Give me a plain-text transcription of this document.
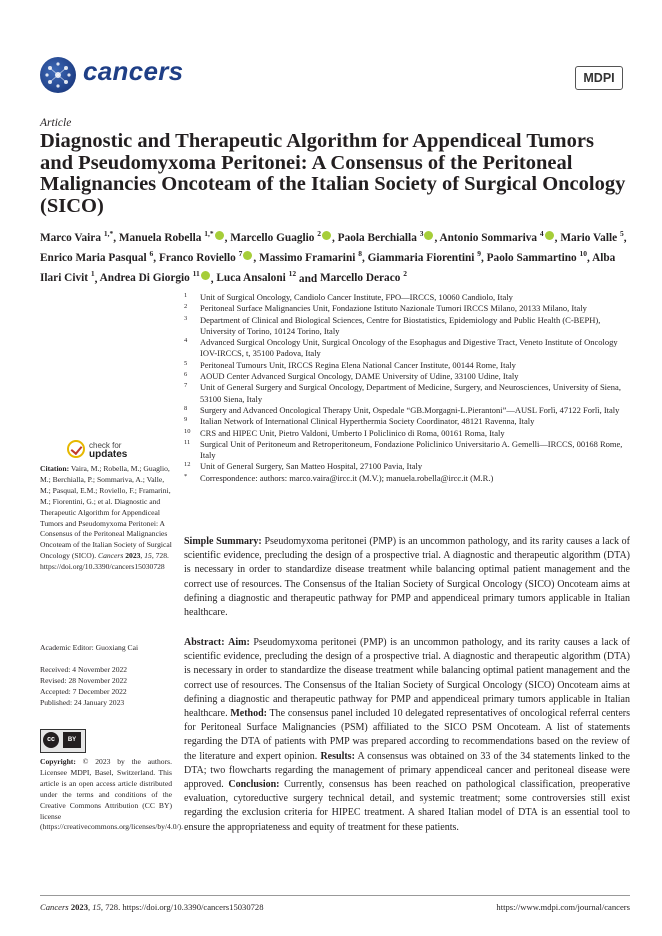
cancers	MDPI
Article
Diagnostic and Therapeutic Algorithm for Appendiceal Tumors and Pseudomyxoma Peritonei: A Consensus of the Peritoneal Malignancies Oncoteam of the Italian Society of Surgical Oncology (SICO)
Marco Vaira $^{1,*}$, Manuela Robella $^{1,*}$ , Marcello Guaglio $^2$ , Paola Berchialla $^3$ , Antonio Sommariva $^4$ , Mario Valle $^5$, Enrico Maria Pasqual $^6$, Franco Roviello $^7$ , Massimo Framarini $^8$, Giammaria Fiorentini $^9$, Paolo Sammartino $^{10}$, Alba Ilari Civit $^1$, Andrea Di Giorgio $^{11}$ , Luca Ansaloni $^{12}$ and Marcello Deraco $^2$
1 Unit of Surgical Oncology, Candiolo Cancer Institute, FPO—IRCCS, 10060 Candiolo, Italy
2 Peritoneal Surface Malignancies Unit, Fondazione Istituto Nazionale Tumori IRCCS Milano, 20133 Milano, Italy
3 Department of Clinical and Biological Sciences, Centre for Biostatistics, Epidemiology and Public Health (C-BEPH), University of Torino, 10124 Torino, Italy
4 Advanced Surgical Oncology Unit, Surgical Oncology of the Esophagus and Digestive Tract, Veneto Institute of Oncology IOV-IRCCS, t, 35100 Padova, Italy
5 Peritoneal Tumours Unit, IRCCS Regina Elena National Cancer Institute, 00144 Rome, Italy
6 AOUD Center Advanced Surgical Oncology, DAME University of Udine, 33100 Udine, Italy
7 Unit of General Surgery and Surgical Oncology, Department of Medicine, Surgery, and Neurosciences, University of Siena, 53100 Siena, Italy
8 Surgery and Advanced Oncological Therapy Unit, Ospedale “GB.Morgagni-L.Pierantoni”—AUSL Forlì, 47122 Forlì, Italy
9 Italian Network of International Clinical Hyperthermia Society Coordinator, 48121 Ravenna, Italy
10 CRS and HIPEC Unit, Pietro Valdoni, Umberto I Policlinico di Roma, 00161 Roma, Italy
11 Surgical Unit of Peritoneum and Retroperitoneum, Fondazione Policlinico Universitario A. Gemelli—IRCCS, 00168 Rome, Italy
12 Unit of General Surgery, San Matteo Hospital, 27100 Pavia, Italy
* Correspondence: authors: marco.vaira@ircc.it (M.V.); manuela.robella@ircc.it (M.R.)
check for
updates
Citation: Vaira, M.; Robella, M.; Guaglio, M.; Berchialla, P.; Sommariva, A.; Valle, M.; Pasqual, E.M.; Roviello, F.; Framarini, M.; Fiorentini, G.; et al. Diagnostic and Therapeutic Algorithm for Appendiceal Tumors and Pseudomyxoma Peritonei: A Consensus of the Peritoneal Malignancies Oncoteam of the Italian Society of Surgical Oncology (SICO). Cancers 2023, 15, 728. https://doi.org/10.3390/cancers15030728
Academic Editor: Guoxiang Cai
Received: 4 November 2022
Revised: 28 November 2022
Accepted: 7 December 2022
Published: 24 January 2023
cc	BY
Copyright: © 2023 by the authors. Licensee MDPI, Basel, Switzerland. This article is an open access article distributed under the terms and conditions of the Creative Commons Attribution (CC BY) license (https://creativecommons.org/licenses/by/4.0/).
Simple Summary: Pseudomyxoma peritonei (PMP) is an uncommon pathology, and its rarity causes a lack of scientific evidence, precluding the design of a prospective trial. A diagnostic and therapeutic algorithm (DTA) is necessary in order to standardize disease treatment while balancing optimal patient management and the correct use of resources. The Consensus of the Italian Society of Surgical Oncology (SICO) Oncoteam aims at defining a diagnostic and therapeutic pathway for PMP and appendiceal primary tumors applicable in Italian healthcare.
Abstract: Aim: Pseudomyxoma peritonei (PMP) is an uncommon pathology, and its rarity causes a lack of scientific evidence, precluding the design of a prospective trial. A diagnostic and therapeutic algorithm (DTA) is necessary in order to standardize the disease treatment while balancing optimal patient management and the correct use of resources. The Consensus of the Italian Society of Surgical Oncology (SICO) Oncoteam aims at defining a diagnostic and therapeutic pathway for PMP and appendiceal primary tumors applicable in Italian healthcare. Method: The consensus panel included 10 delegated representatives of oncological referral centers for Peritoneal Surface Malignancies (PSM) affiliated to the SICO PSM Oncoteam. A list of statements regarding the DTA of patients with PMP was prepared according to recommendations based on the review of the literature and expert opinion. Results: A consensus was obtained on 33 of the 34 statements linked to the DTA; two flowcharts regarding the management of primary appendiceal cancer and peritoneal disease were approved. Conclusion: Currently, consensus has been reached on pathological classification, preoperative evaluation, cytoreductive surgery technical detail, and systemic treatment; some controversies still exist regarding the exclusion criteria for HIPEC treatment. A shared Italian model of DTA is an essential tool to ensure the appropriateness and equity of treatment for these patients.
Cancers 2023, 15, 728. https://doi.org/10.3390/cancers15030728	https://www.mdpi.com/journal/cancers
